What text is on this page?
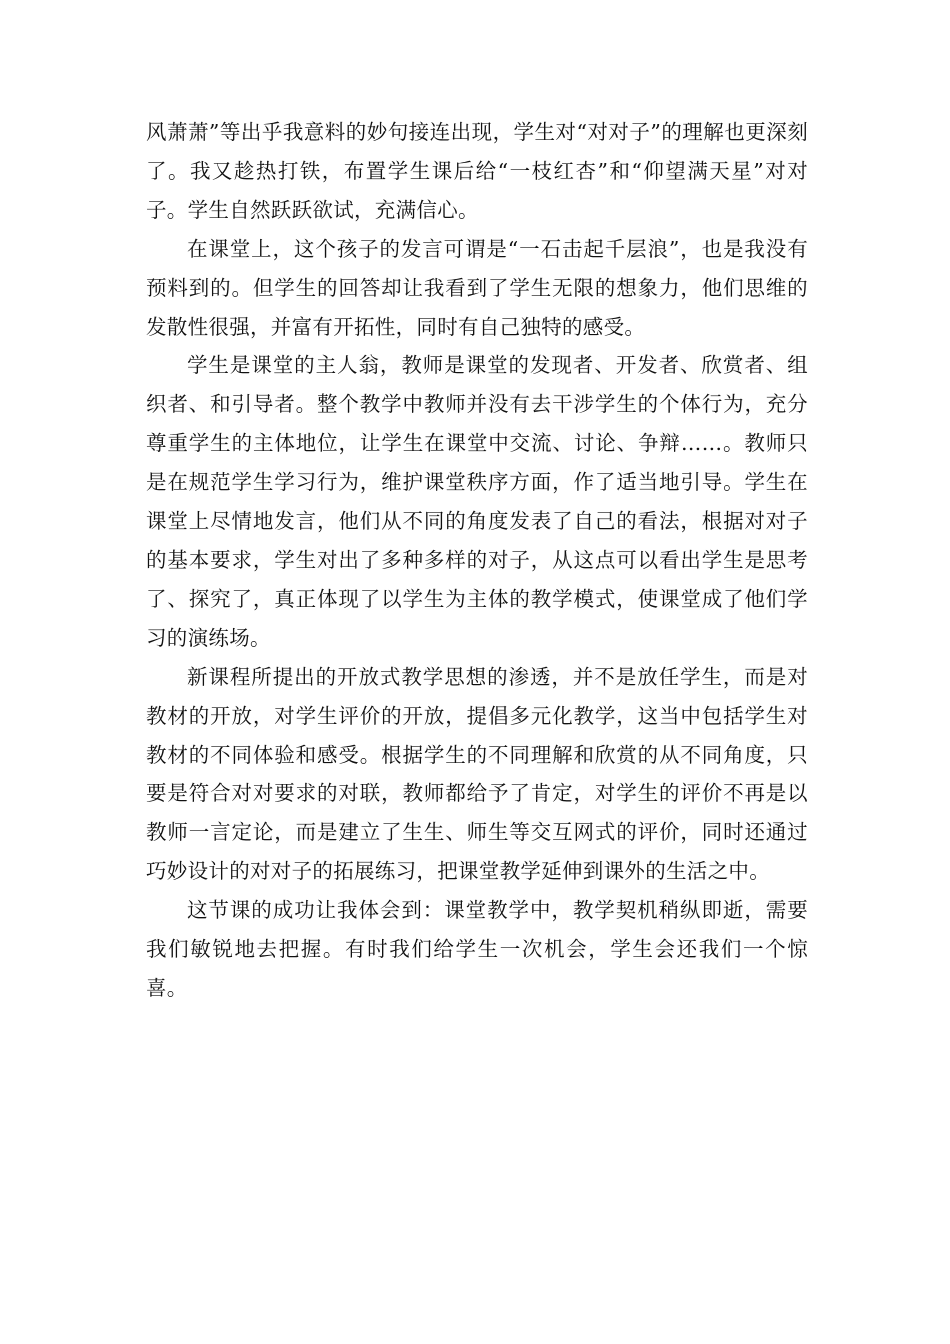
风萧萧”等出乎我意料的妙句接连出现，学生对“对对子”的理解也更深刻了。我又趁热打铁，布置学生课后给“一枝红杏”和“仰望满天星”对对子。学生自然跃跃欲试，充满信心。

在课堂上，这个孩子的发言可谓是“一石击起千层浪”，也是我没有预料到的。但学生的回答却让我看到了学生无限的想象力，他们思维的发散性很强，并富有开拓性，同时有自己独特的感受。

学生是课堂的主人翁，教师是课堂的发现者、开发者、欣赏者、组织者、和引导者。整个教学中教师并没有去干涉学生的个体行为，充分尊重学生的主体地位，让学生在课堂中交流、讨论、争辩……。教师只是在规范学生学习行为，维护课堂秩序方面，作了适当地引导。学生在课堂上尽情地发言，他们从不同的角度发表了自己的看法，根据对对子的基本要求，学生对出了多种多样的对子，从这点可以看出学生是思考了、探究了，真正体现了以学生为主体的教学模式，使课堂成了他们学习的演练场。

新课程所提出的开放式教学思想的渗透，并不是放任学生，而是对教材的开放，对学生评价的开放，提倡多元化教学，这当中包括学生对教材的不同体验和感受。根据学生的不同理解和欣赏的从不同角度，只要是符合对对要求的对联，教师都给予了肯定，对学生的评价不再是以教师一言定论，而是建立了生生、师生等交互网式的评价，同时还通过巧妙设计的对对子的拓展练习，把课堂教学延伸到课外的生活之中。

这节课的成功让我体会到：课堂教学中，教学契机稍纵即逝，需要我们敏锐地去把握。有时我们给学生一次机会，学生会还我们一个惊喜。
